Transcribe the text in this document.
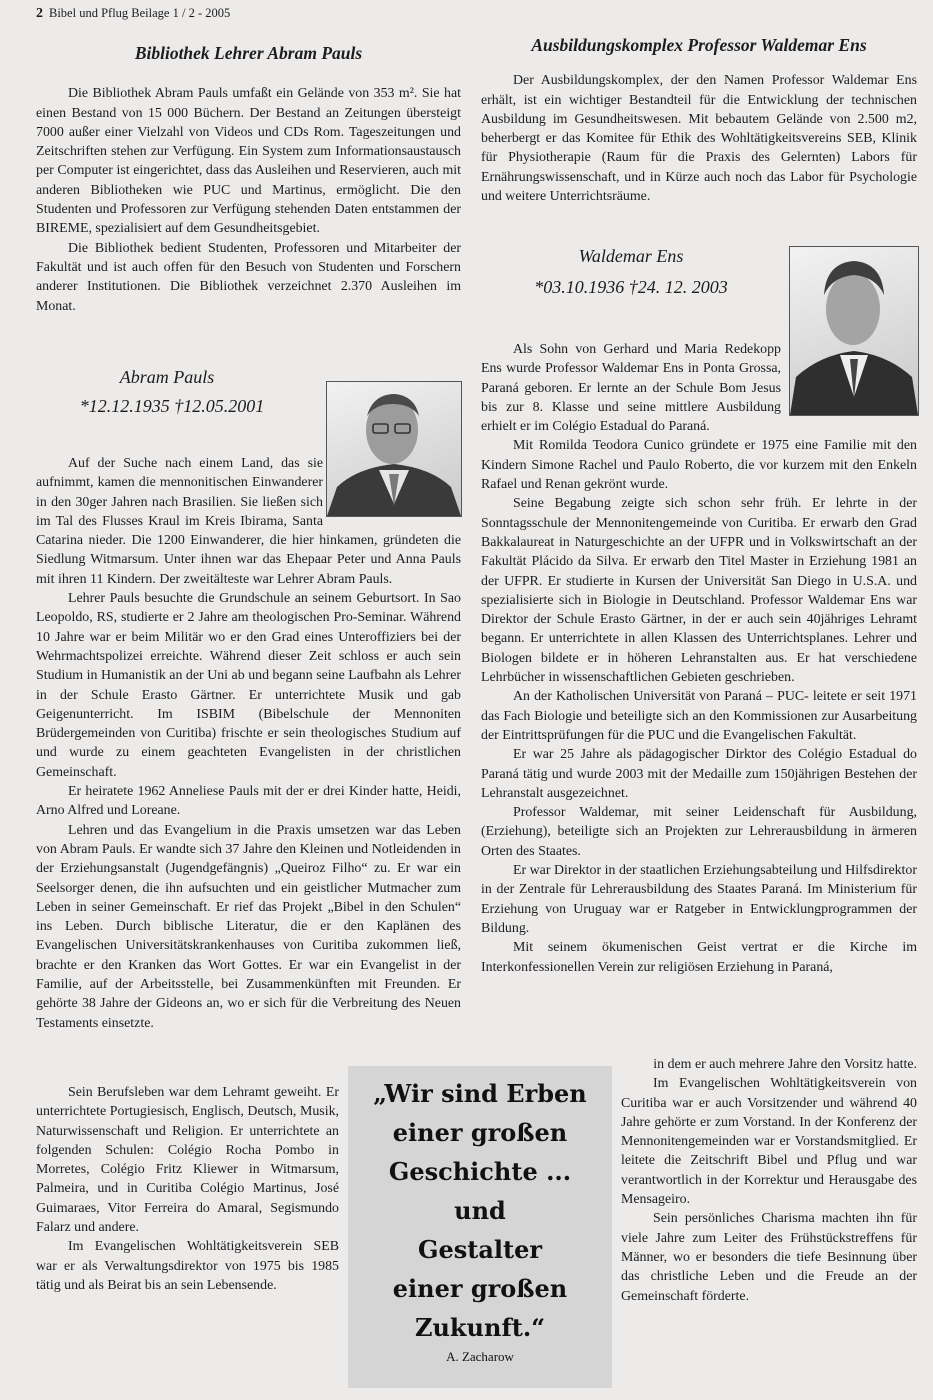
2 Bibel und Pflug Beilage 1 / 2 - 2005
Bibliothek Lehrer Abram Pauls

Die Bibliothek Abram Pauls umfaßt ein Gelände von 353 m². Sie hat einen Bestand von 15 000 Büchern. Der Bestand an Zeitungen übersteigt 7000 außer einer Vielzahl von Videos und CDs Rom. Tageszeitungen und Zeitschriften stehen zur Verfügung. Ein System zum Informationsaustausch per Computer ist eingerichtet, dass das Ausleihen und Reservieren, auch mit anderen Bibliotheken wie PUC und Martinus, ermöglicht. Die den Studenten und Professoren zur Verfügung stehenden Daten entstammen der BIREME, spezialisiert auf dem Gesundheitsgebiet.

Die Bibliothek bedient Studenten, Professoren und Mitarbeiter der Fakultät und ist auch offen für den Besuch von Studenten und Forschern anderer Institutionen. Die Bibliothek verzeichnet 2.370 Ausleihen im Monat.

Abram Pauls
*12.12.1935 †12.05.2001

Auf der Suche nach einem Land, das sie aufnimmt, kamen die mennonitischen Einwanderer in den 30ger Jahren nach Brasilien. Sie ließen sich im Tal des Flusses Kraul im Kreis Ibirama, Santa Catarina nieder. Die 1200 Einwanderer, die hier hinkamen, gründeten die Siedlung Witmarsum. Unter ihnen war das Ehepaar Peter und Anna Pauls mit ihren 11 Kindern. Der zweitälteste war Lehrer Abram Pauls.

Lehrer Pauls besuchte die Grundschule an seinem Geburtsort. In Sao Leopoldo, RS, studierte er 2 Jahre am theologischen Pro-Seminar. Während 10 Jahre war er beim Militär wo er den Grad eines Unteroffiziers bei der Wehrmachtspolizei erreichte. Während dieser Zeit schloss er auch sein Studium in Humanistik an der Uni ab und begann seine Laufbahn als Lehrer in der Schule Erasto Gärtner. Er unterrichtete Musik und gab Geigenunterricht. Im ISBIM (Bibelschule der Mennoniten Brüdergemeinden von Curitiba) frischte er sein theologisches Studium auf und wurde zu einem geachteten Evangelisten in der christlichen Gemeinschaft.

Er heiratete 1962 Anneliese Pauls mit der er drei Kinder hatte, Heidi, Arno Alfred und Loreane.

Lehren und das Evangelium in die Praxis umsetzen war das Leben von Abram Pauls. Er wandte sich 37 Jahre den Kleinen und Notleidenden in der Erziehungsanstalt (Jugendgefängnis) „Queiroz Filho“ zu. Er war ein Seelsorger denen, die ihn aufsuchten und ein geistlicher Mutmacher zum Leben in seiner Gemeinschaft. Er rief das Projekt „Bibel in den Schulen“ ins Leben. Durch biblische Literatur, die er den Kaplänen des Evangelischen Universitätskrankenhauses von Curitiba zukommen ließ, brachte er den Kranken das Wort Gottes. Er war ein Evangelist in der Familie, auf der Arbeitsstelle, bei Zusammenkünften mit Freunden. Er gehörte 38 Jahre der Gideons an, wo er sich für die Verbreitung des Neuen Testaments einsetzte.

Sein Berufsleben war dem Lehramt geweiht. Er unterrichtete Portugiesisch, Englisch, Deutsch, Musik, Naturwissenschaft und Religion. Er unterrichtete an folgenden Schulen: Colégio Rocha Pombo in Morretes, Colégio Fritz Kliewer in Witmarsum, Palmeira, und in Curitiba Colégio Martinus, José Guimaraes, Vitor Ferreira do Amaral, Segismundo Falarz und andere.

Im Evangelischen Wohltätigkeitsverein SEB war er als Verwaltungsdirektor von 1975 bis 1985 tätig und als Beirat bis an sein Lebensende.

Ausbildungskomplex Professor Waldemar Ens

Der Ausbildungskomplex, der den Namen Professor Waldemar Ens erhält, ist ein wichtiger Bestandteil für die Entwicklung der technischen Ausbildung im Gesundheitswesen. Mit bebautem Gelände von 2.500 m2, beherbergt er das Komitee für Ethik des Wohltätigkeitsvereins SEB, Klinik für Physiotherapie (Raum für die Praxis des Gelernten) Labors für Ernährungswissenschaft, und in Kürze auch noch das Labor für Psychologie und weitere Unterrichtsräume.

Waldemar Ens
*03.10.1936 †24. 12. 2003

Als Sohn von Gerhard und Maria Redekopp Ens wurde Professor Waldemar Ens in Ponta Grossa, Paraná geboren. Er lernte an der Schule Bom Jesus bis zur 8. Klasse und seine mittlere Ausbildung erhielt er im Colégio Estadual do Paraná.

Mit Romilda Teodora Cunico gründete er 1975 eine Familie mit den Kindern Simone Rachel und Paulo Roberto, die vor kurzem mit den Enkeln Rafael und Renan gekrönt wurde.

Seine Begabung zeigte sich schon sehr früh. Er lehrte in der Sonntagsschule der Mennonitengemeinde von Curitiba. Er erwarb den Grad Bakkalaureat in Naturgeschichte an der UFPR und in Volkswirtschaft an der Fakultät Plácido da Silva. Er erwarb den Titel Master in Erziehung 1981 an der UFPR. Er studierte in Kursen der Universität San Diego in U.S.A. und spezialisierte sich in Biologie in Deutschland. Professor Waldemar Ens war Direktor der Schule Erasto Gärtner, in der er auch sein 40jähriges Lehramt begann. Er unterrichtete in allen Klassen des Unterrichtsplanes. Lehrer und Biologen bildete er in höheren Lehranstalten aus. Er hat verschiedene Lehrbücher in wissenschaftlichen Gebieten geschrieben.

An der Katholischen Universität von Paraná – PUC- leitete er seit 1971 das Fach Biologie und beteiligte sich an den Kommissionen zur Ausarbeitung der Eintrittsprüfungen für die PUC und die Evangelischen Fakultät.

Er war 25 Jahre als pädagogischer Dirktor des Colégio Estadual do Paraná tätig und wurde 2003 mit der Medaille zum 150jährigen Bestehen der Lehranstalt ausgezeichnet.

Professor Waldemar, mit seiner Leidenschaft für Ausbildung, (Erziehung), beteiligte sich an Projekten zur Lehrerausbildung in ärmeren Orten des Staates.

Er war Direktor in der staatlichen Erziehungsabteilung und Hilfsdirektor in der Zentrale für Lehrerausbildung des Staates Paraná. Im Ministerium für Erziehung von Uruguay war er Ratgeber in Entwicklungprogrammen der Bildung.

Mit seinem ökumenischen Geist vertrat er die Kirche im Interkonfessionellen Verein zur religiösen Erziehung in Paraná,

in dem er auch mehrere Jahre den Vorsitz hatte.

Im Evangelischen Wohltätigkeitsverein von Curitiba war er auch Vorsitzender und während 40 Jahre gehörte er zum Vorstand. In der Konferenz der Mennonitengemeinden war er Vorstandsmitglied. Er leitete die Zeitschrift Bibel und Pflug und war verantwortlich in der Korrektur und Herausgabe des Mensageiro.

Sein persönliches Charisma machten ihn für viele Jahre zum Leiter des Frühstückstreffens für Männer, wo er besonders die tiefe Besinnung über das christliche Leben und die Freude an der Gemeinschaft förderte.

„Wir sind Erben
einer großen
Geschichte ...
und
Gestalter
einer großen
Zukunft.“
A. Zacharow
